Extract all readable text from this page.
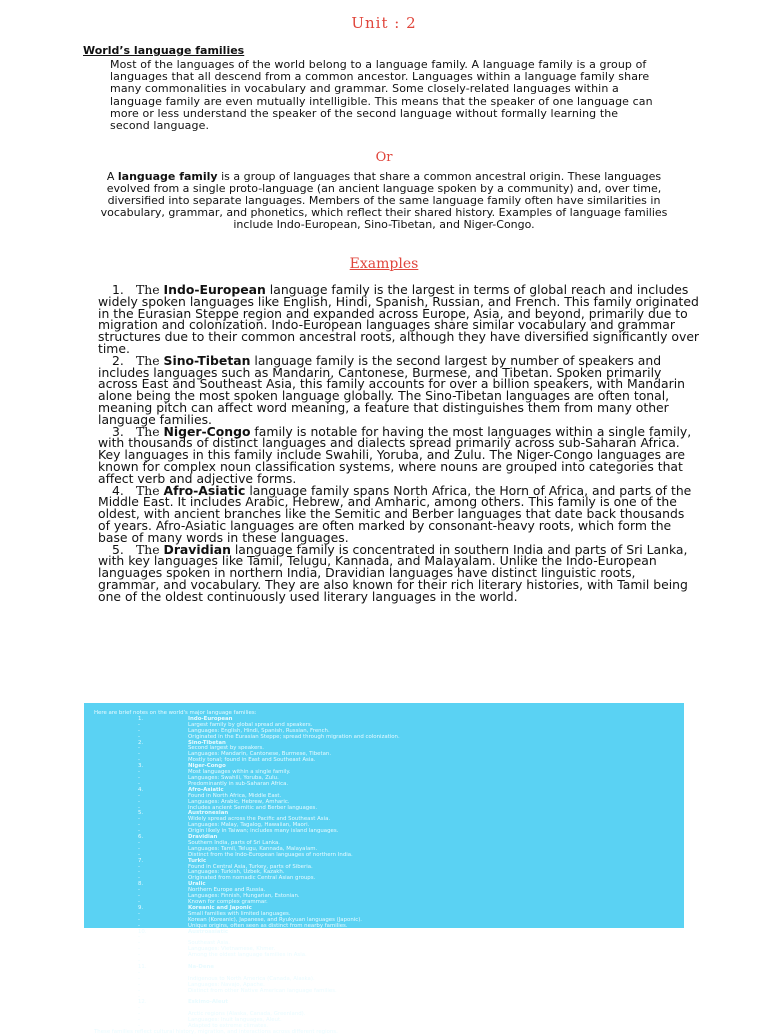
Unit : 2
World’s language families
Most of the languages of the world belong to a language family. A language family is a group of languages that all descend from a common ancestor. Languages within a language family share many commonalities in vocabulary and grammar. Some closely-related languages within a language family are even mutually intelligible. This means that the speaker of one language can more or less understand the speaker of the second language without formally learning the second language.
Or
A language family is a group of languages that share a common ancestral origin. These languages evolved from a single proto-language (an ancient language spoken by a community) and, over time, diversified into separate languages. Members of the same language family often have similarities in vocabulary, grammar, and phonetics, which reflect their shared history. Examples of language families include Indo-European, Sino-Tibetan, and Niger-Congo.
Examples

1. The Indo-European language family is the largest in terms of global reach and includes widely spoken languages like English, Hindi, Spanish, Russian, and French. This family originated in the Eurasian Steppe region and expanded across Europe, Asia, and beyond, primarily due to migration and colonization. Indo-European languages share similar vocabulary and grammar structures due to their common ancestral roots, although they have diversified significantly over time.

2. The Sino-Tibetan language family is the second largest by number of speakers and includes languages such as Mandarin, Cantonese, Burmese, and Tibetan. Spoken primarily across East and Southeast Asia, this family accounts for over a billion speakers, with Mandarin alone being the most spoken language globally. The Sino-Tibetan languages are often tonal, meaning pitch can affect word meaning, a feature that distinguishes them from many other language families.

3. The Niger-Congo family is notable for having the most languages within a single family, with thousands of distinct languages and dialects spread primarily across sub-Saharan Africa. Key languages in this family include Swahili, Yoruba, and Zulu. The Niger-Congo languages are known for complex noun classification systems, where nouns are grouped into categories that affect verb and adjective forms.

4. The Afro-Asiatic language family spans North Africa, the Horn of Africa, and parts of the Middle East. It includes Arabic, Hebrew, and Amharic, among others. This family is one of the oldest, with ancient branches like the Semitic and Berber languages that date back thousands of years. Afro-Asiatic languages are often marked by consonant-heavy roots, which form the base of many words in these languages.

5. The Dravidian language family is concentrated in southern India and parts of Sri Lanka, with key languages like Tamil, Telugu, Kannada, and Malayalam. Unlike the Indo-European languages spoken in northern India, Dravidian languages have distinct linguistic roots, grammar, and vocabulary. They are also known for their rich literary histories, with Tamil being one of the oldest continuously used literary languages in the world.

Here are brief notes on the world's major language families:
1.	Indo-European
-	Largest family by global spread and speakers.
-	Languages: English, Hindi, Spanish, Russian, French.
-	Originated in the Eurasian Steppe; spread through migration and colonization.
2.	Sino-Tibetan
-	Second largest by speakers.
-	Languages: Mandarin, Cantonese, Burmese, Tibetan.
-	Mostly tonal; found in East and Southeast Asia.
3.	Niger-Congo
-	Most languages within a single family.
-	Languages: Swahili, Yoruba, Zulu.
-	Predominantly in sub-Saharan Africa.
4.	Afro-Asiatic
-	Found in North Africa, Middle East.
-	Languages: Arabic, Hebrew, Amharic.
-	Includes ancient Semitic and Berber languages.
5.	Austronesian
-	Widely spread across the Pacific and Southeast Asia.
-	Languages: Malay, Tagalog, Hawaiian, Maori.
-	Origin likely in Taiwan; includes many island languages.
6.	Dravidian
-	Southern India, parts of Sri Lanka.
-	Languages: Tamil, Telugu, Kannada, Malayalam.
-	Distinct from the Indo-European languages of northern India.
7.	Turkic
-	Found in Central Asia, Turkey, parts of Siberia.
-	Languages: Turkish, Uzbek, Kazakh.
-	Originated from nomadic Central Asian groups.
8.	Uralic
-	Northern Europe and Russia.
-	Languages: Finnish, Hungarian, Estonian.
-	Known for complex grammar.
9.	Koreanic and Japonic
-	Small families with limited languages.
-	Korean (Koreanic), Japanese, and Ryukyuan languages (Japonic).
-	Unique origins, often seen as distinct from nearby families.
10.	Austroasiatic
-
-	Southeast Asia.
-	Languages: Vietnamese, Khmer.
-	Among the oldest language families in Asia.
-
11.	Na-Dene
-
-	Indigenous to North America (Canada, Alaska).
-	Languages: Navajo, Apache.
-	Distinct from other Native American language families.
-
12.	Eskimo-Aleut
-
-	Arctic regions (Alaska, Canada, Greenland).
-	Languages: Inuit languages, Aleut.
-	Adapted to extreme climates.
These families reflect cultural history, migration, and interactions across different regions.
